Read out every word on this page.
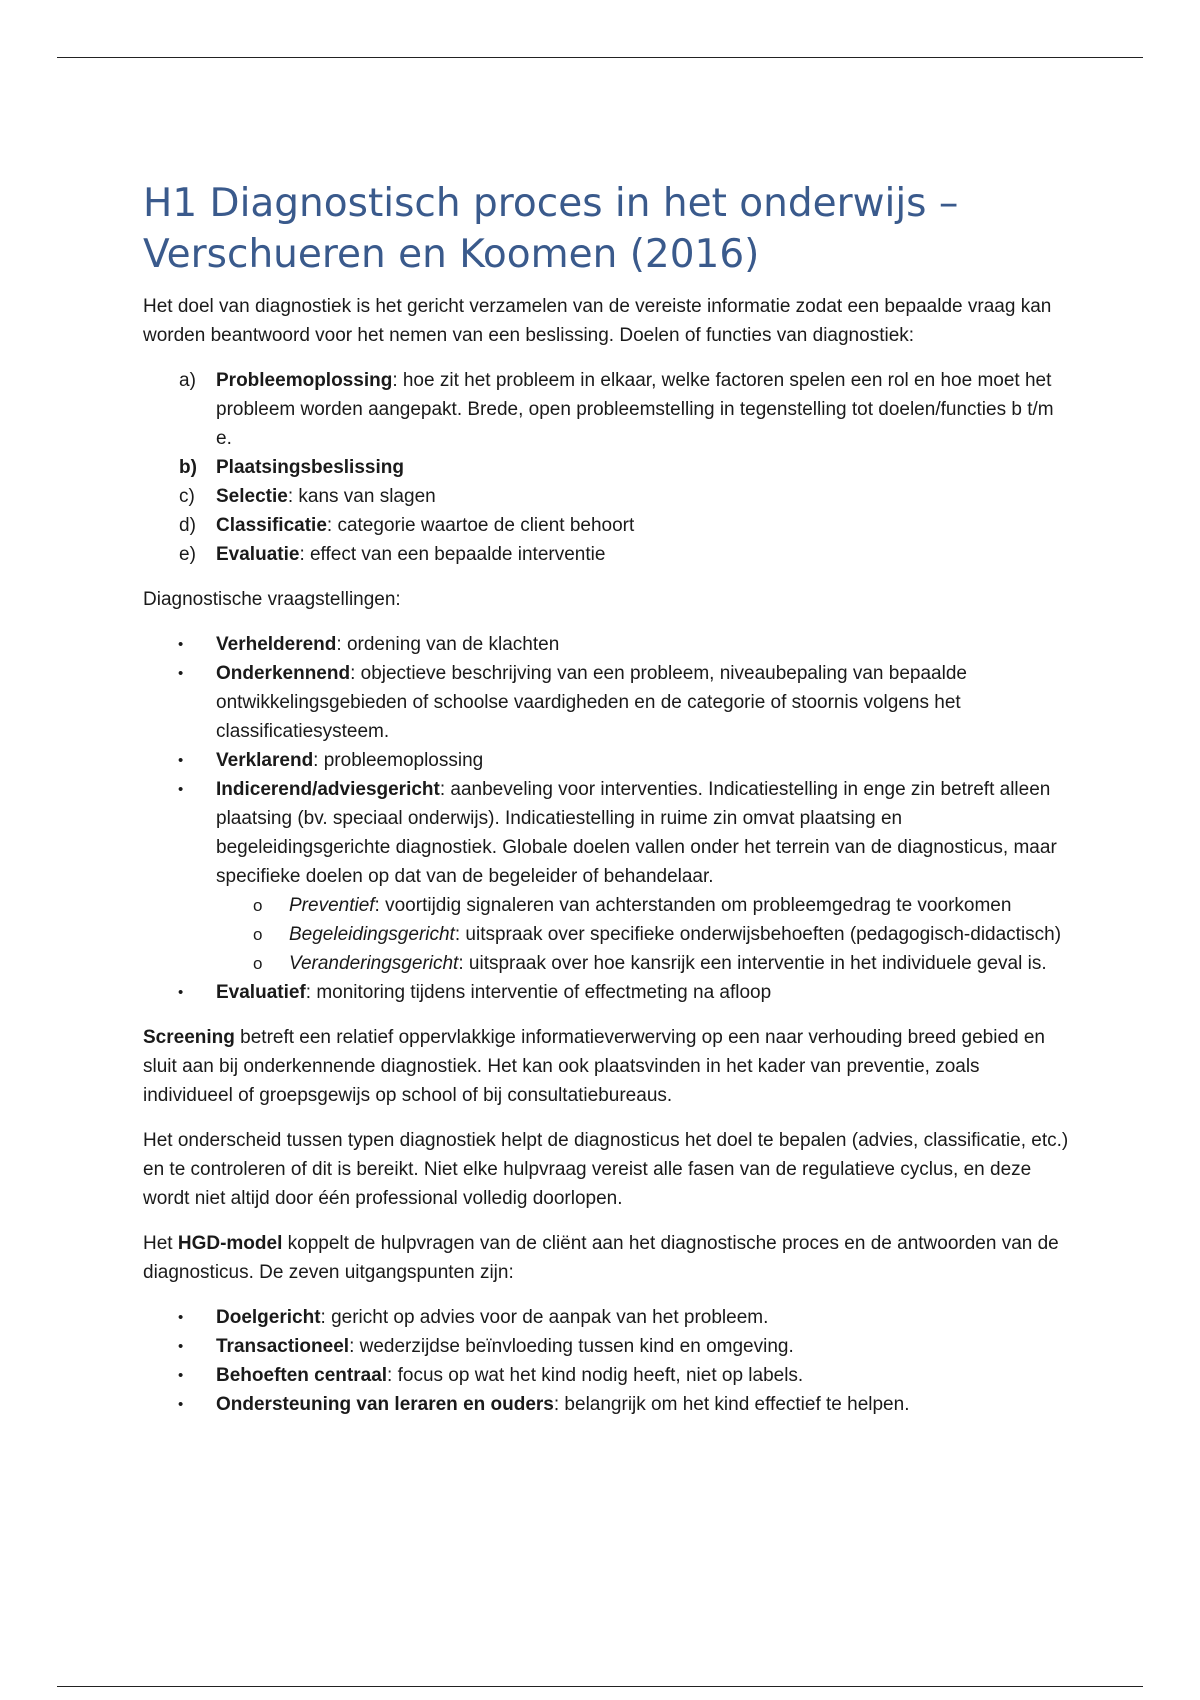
H1 Diagnostisch proces in het onderwijs – Verschueren en Koomen (2016)

Het doel van diagnostiek is het gericht verzamelen van de vereiste informatie zodat een bepaalde vraag kan worden beantwoord voor het nemen van een beslissing. Doelen of functies van diagnostiek:

a) Probleemoplossing: hoe zit het probleem in elkaar, welke factoren spelen een rol en hoe moet het probleem worden aangepakt. Brede, open probleemstelling in tegenstelling tot doelen/functies b t/m e.
b) Plaatsingsbeslissing
c) Selectie: kans van slagen
d) Classificatie: categorie waartoe de client behoort
e) Evaluatie: effect van een bepaalde interventie

Diagnostische vraagstellingen:

• Verhelderend: ordening van de klachten
• Onderkennend: objectieve beschrijving van een probleem, niveaubepaling van bepaalde ontwikkelingsgebieden of schoolse vaardigheden en de categorie of stoornis volgens het classificatiesysteem.
• Verklarend: probleemoplossing
• Indicerend/adviesgericht: aanbeveling voor interventies. Indicatiestelling in enge zin betreft alleen plaatsing (bv. speciaal onderwijs). Indicatiestelling in ruime zin omvat plaatsing en begeleidingsgerichte diagnostiek. Globale doelen vallen onder het terrein van de diagnosticus, maar specifieke doelen op dat van de begeleider of behandelaar.
o Preventief: voortijdig signaleren van achterstanden om probleemgedrag te voorkomen
o Begeleidingsgericht: uitspraak over specifieke onderwijsbehoeften (pedagogisch-didactisch)
o Veranderingsgericht: uitspraak over hoe kansrijk een interventie in het individuele geval is.
• Evaluatief: monitoring tijdens interventie of effectmeting na afloop

Screening betreft een relatief oppervlakkige informatieverwerving op een naar verhouding breed gebied en sluit aan bij onderkennende diagnostiek. Het kan ook plaatsvinden in het kader van preventie, zoals individueel of groepsgewijs op school of bij consultatiebureaus.

Het onderscheid tussen typen diagnostiek helpt de diagnosticus het doel te bepalen (advies, classificatie, etc.) en te controleren of dit is bereikt. Niet elke hulpvraag vereist alle fasen van de regulatieve cyclus, en deze wordt niet altijd door één professional volledig doorlopen.

Het HGD-model koppelt de hulpvragen van de cliënt aan het diagnostische proces en de antwoorden van de diagnosticus. De zeven uitgangspunten zijn:

• Doelgericht: gericht op advies voor de aanpak van het probleem.
• Transactioneel: wederzijdse beïnvloeding tussen kind en omgeving.
• Behoeften centraal: focus op wat het kind nodig heeft, niet op labels.
• Ondersteuning van leraren en ouders: belangrijk om het kind effectief te helpen.
